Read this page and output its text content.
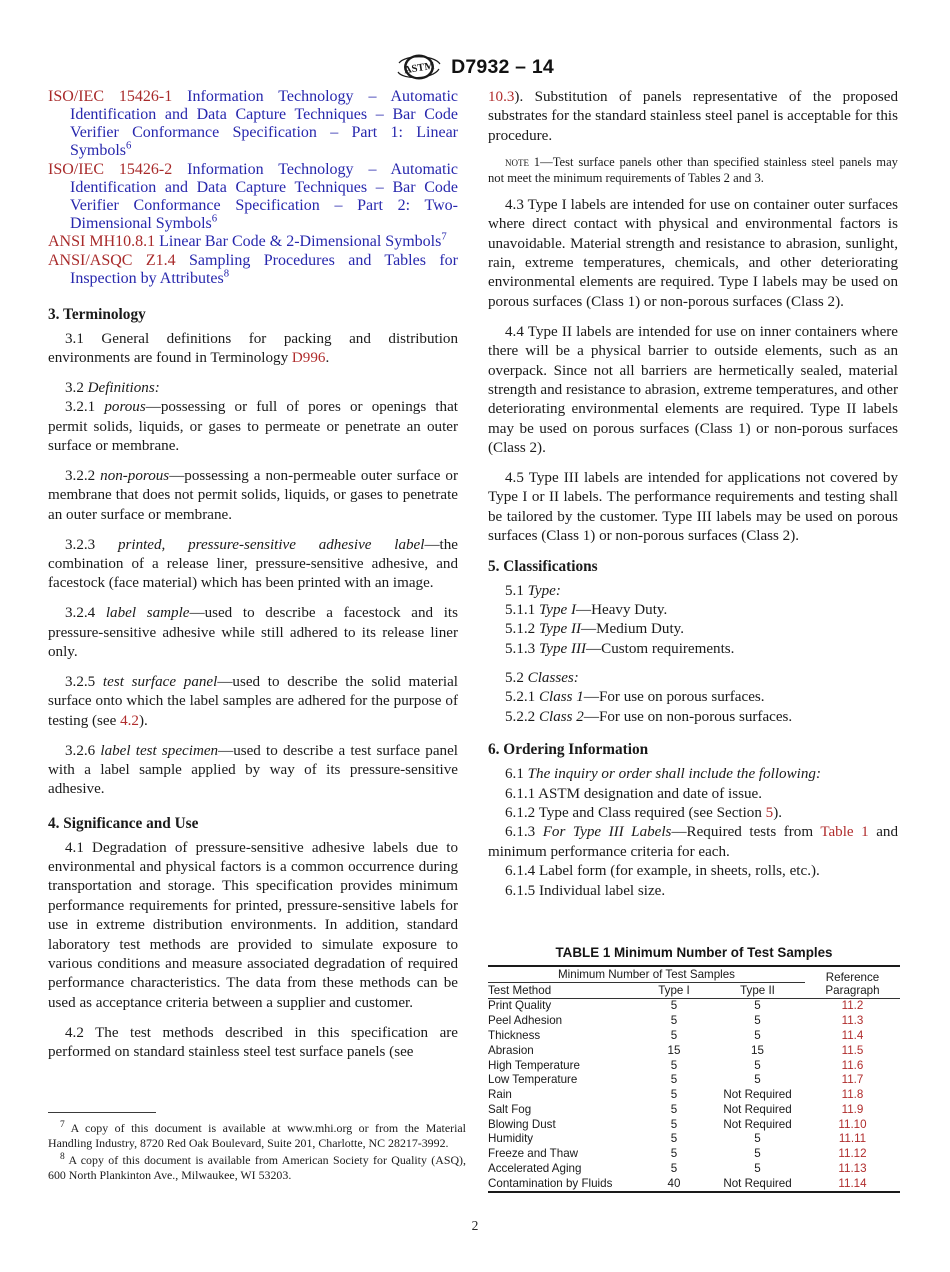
ASTM D7932 – 14
ISO/IEC 15426-1 Information Technology – Automatic Identification and Data Capture Techniques – Bar Code Verifier Conformance Specification – Part 1: Linear Symbols$^6$
ISO/IEC 15426-2 Information Technology – Automatic Identification and Data Capture Techniques – Bar Code Verifier Conformance Specification – Part 2: Two-Dimensional Symbols$^6$
ANSI MH10.8.1 Linear Bar Code & 2-Dimensional Symbols$^7$
ANSI/ASQC Z1.4 Sampling Procedures and Tables for Inspection by Attributes$^8$
3. Terminology

3.1 General definitions for packing and distribution environments are found in Terminology D996.

3.2 Definitions:

3.2.1 porous—possessing or full of pores or openings that permit solids, liquids, or gases to permeate or penetrate an outer surface or membrane.

3.2.2 non-porous—possessing a non-permeable outer surface or membrane that does not permit solids, liquids, or gases to penetrate an outer surface or membrane.

3.2.3 printed, pressure-sensitive adhesive label—the combination of a release liner, pressure-sensitive adhesive, and facestock (face material) which has been printed with an image.

3.2.4 label sample—used to describe a facestock and its pressure-sensitive adhesive while still adhered to its release liner only.

3.2.5 test surface panel—used to describe the solid material surface onto which the label samples are adhered for the purpose of testing (see 4.2).

3.2.6 label test specimen—used to describe a test surface panel with a label sample applied by way of its pressure-sensitive adhesive.

4. Significance and Use

4.1 Degradation of pressure-sensitive adhesive labels due to environmental and physical factors is a common occurrence during transportation and storage. This specification provides minimum performance requirements for printed, pressure-sensitive labels for use in extreme distribution environments. In addition, standard laboratory test methods are provided to simulate exposure to various conditions and measure associated degradation of required performance characteristics. The data from these methods can be used as acceptance criteria between a supplier and customer.

4.2 The test methods described in this specification are performed on standard stainless steel test surface panels (see

10.3). Substitution of panels representative of the proposed substrates for the standard stainless steel panel is acceptable for this procedure.

note 1—Test surface panels other than specified stainless steel panels may not meet the minimum requirements of Tables 2 and 3.

4.3 Type I labels are intended for use on container outer surfaces where direct contact with physical and environmental factors is unavoidable. Material strength and resistance to abrasion, sunlight, rain, extreme temperatures, chemicals, and other deteriorating environmental elements are required. Type I labels may be used on porous surfaces (Class 1) or non-porous surfaces (Class 2).

4.4 Type II labels are intended for use on inner containers where there will be a physical barrier to outside elements, such as an overpack. Since not all barriers are hermetically sealed, material strength and resistance to abrasion, extreme temperatures, and other deteriorating environmental elements are required. Type II labels may be used on porous surfaces (Class 1) or non-porous surfaces (Class 2).

4.5 Type III labels are intended for applications not covered by Type I or II labels. The performance requirements and testing shall be tailored by the customer. Type III labels may be used on porous surfaces (Class 1) or non-porous surfaces (Class 2).

5. Classifications

5.1 Type:

5.1.1 Type I—Heavy Duty.

5.1.2 Type II—Medium Duty.

5.1.3 Type III—Custom requirements.

5.2 Classes:

5.2.1 Class 1—For use on porous surfaces.

5.2.2 Class 2—For use on non-porous surfaces.

6. Ordering Information

6.1 The inquiry or order shall include the following:

6.1.1 ASTM designation and date of issue.

6.1.2 Type and Class required (see Section 5).

6.1.3 For Type III Labels—Required tests from Table 1 and minimum performance criteria for each.

6.1.4 Label form (for example, in sheets, rolls, etc.).

6.1.5 Individual label size.

$^7$ A copy of this document is available at www.mhi.org or from the Material Handling Industry, 8720 Red Oak Boulevard, Suite 201, Charlotte, NC 28217-3992.

$^8$ A copy of this document is available from American Society for Quality (ASQ), 600 North Plankinton Ave., Milwaukee, WI 53203.

TABLE 1 Minimum Number of Test Samples
Minimum Number of Test Samples			Reference Paragraph
Test Method	Type I	Type II	
Print Quality	5	5	11.2
Peel Adhesion	5	5	11.3
Thickness	5	5	11.4
Abrasion	15	15	11.5
High Temperature	5	5	11.6
Low Temperature	5	5	11.7
Rain	5	Not Required	11.8
Salt Fog	5	Not Required	11.9
Blowing Dust	5	Not Required	11.10
Humidity	5	5	11.11
Freeze and Thaw	5	5	11.12
Accelerated Aging	5	5	11.13
Contamination by Fluids	40	Not Required	11.14
2
